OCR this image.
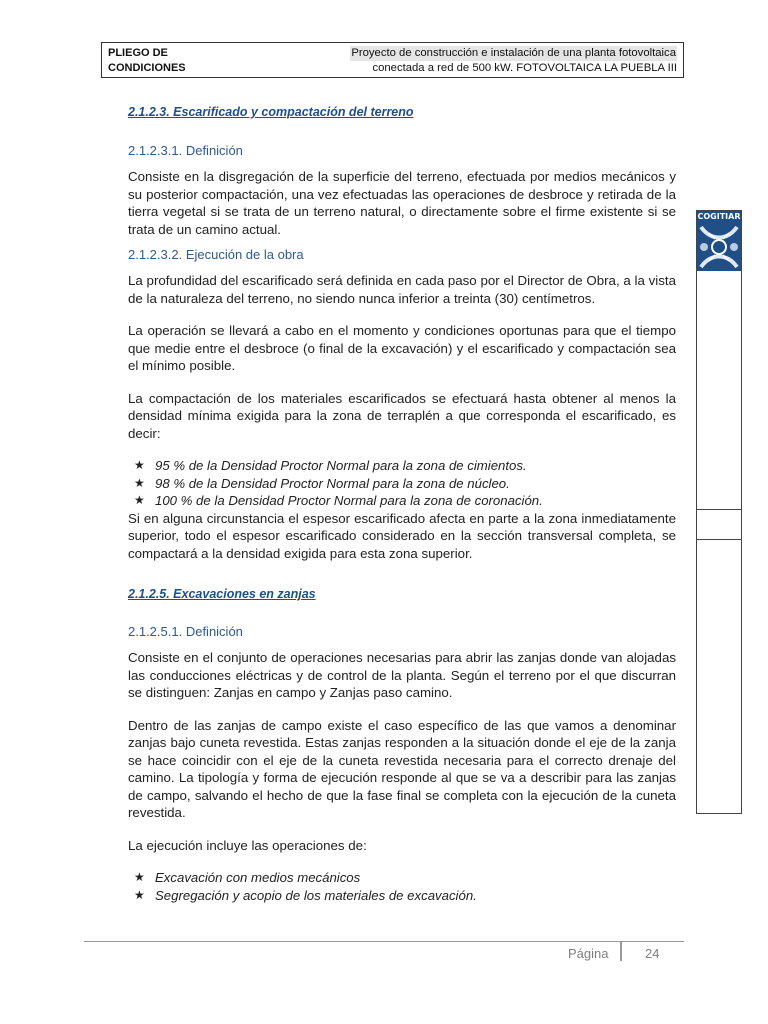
PLIEGO DE
CONDICIONES
Proyecto de construcción e instalación de una planta fotovoltaica
conectada a red de 500 kW. FOTOVOLTAICA LA PUEBLA III
COGITIAR
2.1.2.3. Escarificado y compactación del terreno
2.1.2.3.1. Definición

Consiste en la disgregación de la superficie del terreno, efectuada por medios mecánicos y su posterior compactación, una vez efectuadas las operaciones de desbroce y retirada de la tierra vegetal si se trata de un terreno natural, o directamente sobre el firme existente si se trata de un camino actual.

2.1.2.3.2. Ejecución de la obra

La profundidad del escarificado será definida en cada paso por el Director de Obra, a la vista de la naturaleza del terreno, no siendo nunca inferior a treinta (30) centímetros.

La operación se llevará a cabo en el momento y condiciones oportunas para que el tiempo que medie entre el desbroce (o final de la excavación) y el escarificado y compactación sea el mínimo posible.

La compactación de los materiales escarificados se efectuará hasta obtener al menos la densidad mínima exigida para la zona de terraplén a que corresponda el escarificado, es decir:

★ 95 % de la Densidad Proctor Normal para la zona de cimientos.
★ 98 % de la Densidad Proctor Normal para la zona de núcleo.
★ 100 % de la Densidad Proctor Normal para la zona de coronación.

Si en alguna circunstancia el espesor escarificado afecta en parte a la zona inmediatamente superior, todo el espesor escarificado considerado en la sección transversal completa, se compactará a la densidad exigida para esta zona superior.

2.1.2.5. Excavaciones en zanjas
2.1.2.5.1. Definición

Consiste en el conjunto de operaciones necesarias para abrir las zanjas donde van alojadas las conducciones eléctricas y de control de la planta. Según el terreno por el que discurran se distinguen: Zanjas en campo y Zanjas paso camino.

Dentro de las zanjas de campo existe el caso específico de las que vamos a denominar zanjas bajo cuneta revestida. Estas zanjas responden a la situación donde el eje de la zanja se hace coincidir con el eje de la cuneta revestida necesaria para el correcto drenaje del camino. La tipología y forma de ejecución responde al que se va a describir para las zanjas de campo, salvando el hecho de que la fase final se completa con la ejecución de la cuneta revestida.

La ejecución incluye las operaciones de:

★ Excavación con medios mecánicos
★ Segregación y acopio de los materiales de excavación.
Página	24
